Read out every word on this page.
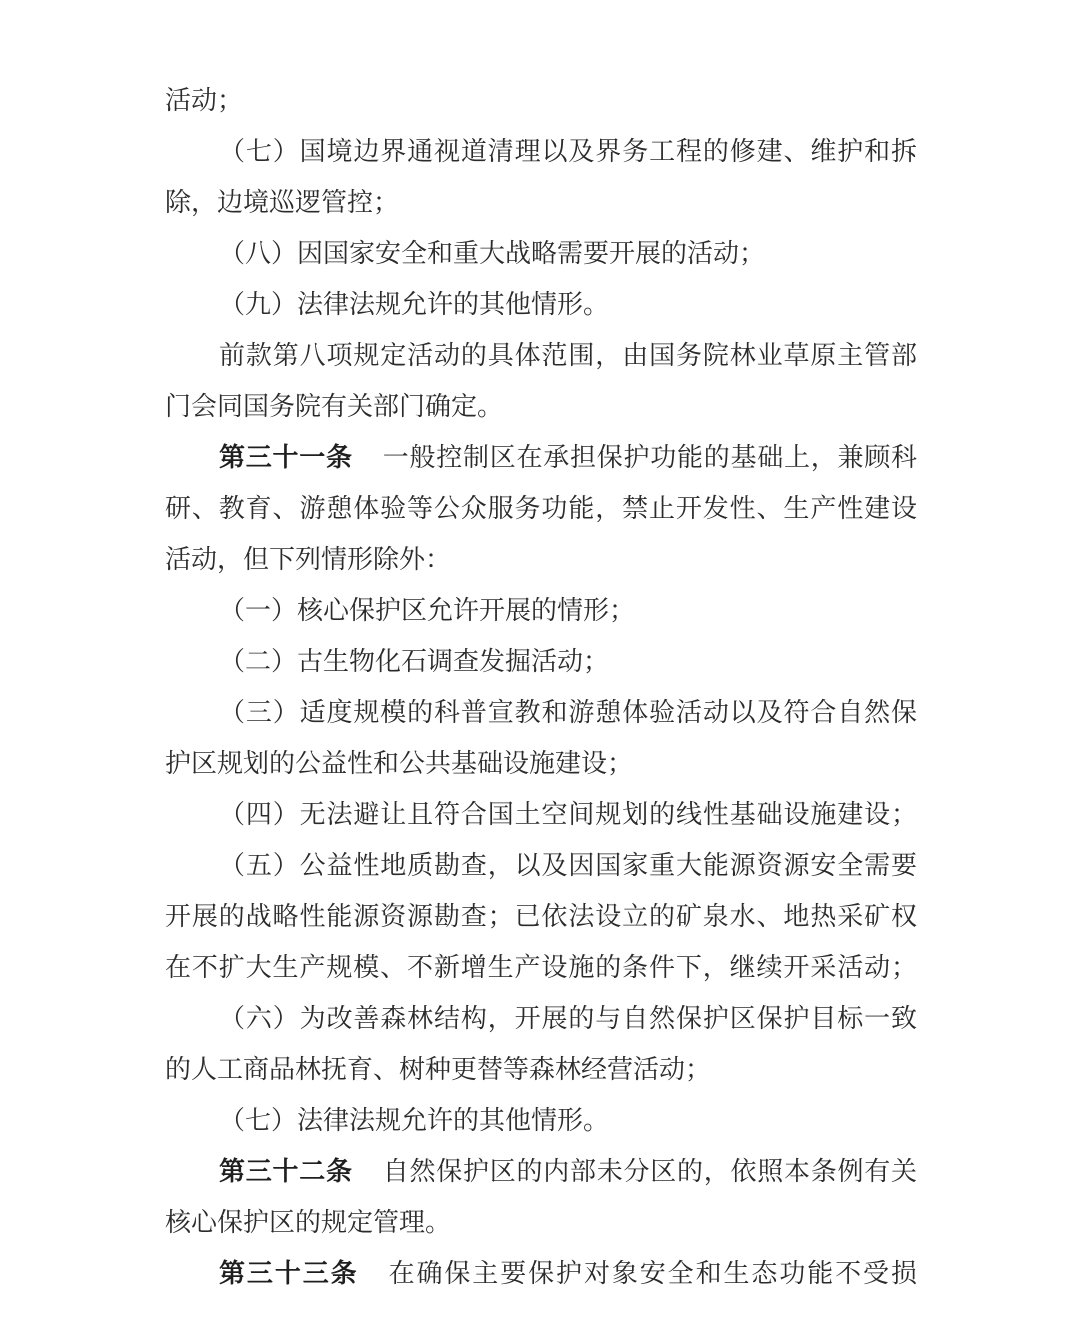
活动；
（七）国境边界通视道清理以及界务工程的修建、维护和拆
除，边境巡逻管控；
（八）因国家安全和重大战略需要开展的活动；
（九）法律法规允许的其他情形。
前款第八项规定活动的具体范围，由国务院林业草原主管部
门会同国务院有关部门确定。
第三十一条 一般控制区在承担保护功能的基础上，兼顾科
研、教育、游憩体验等公众服务功能，禁止开发性、生产性建设
活动，但下列情形除外：
（一）核心保护区允许开展的情形；
（二）古生物化石调查发掘活动；
（三）适度规模的科普宣教和游憩体验活动以及符合自然保
护区规划的公益性和公共基础设施建设；
（四）无法避让且符合国土空间规划的线性基础设施建设；
（五）公益性地质勘查，以及因国家重大能源资源安全需要
开展的战略性能源资源勘查；已依法设立的矿泉水、地热采矿权
在不扩大生产规模、不新增生产设施的条件下，继续开采活动；
（六）为改善森林结构，开展的与自然保护区保护目标一致
的人工商品林抚育、树种更替等森林经营活动；
（七）法律法规允许的其他情形。
第三十二条 自然保护区的内部未分区的，依照本条例有关
核心保护区的规定管理。
第三十三条 在确保主要保护对象安全和生态功能不受损
